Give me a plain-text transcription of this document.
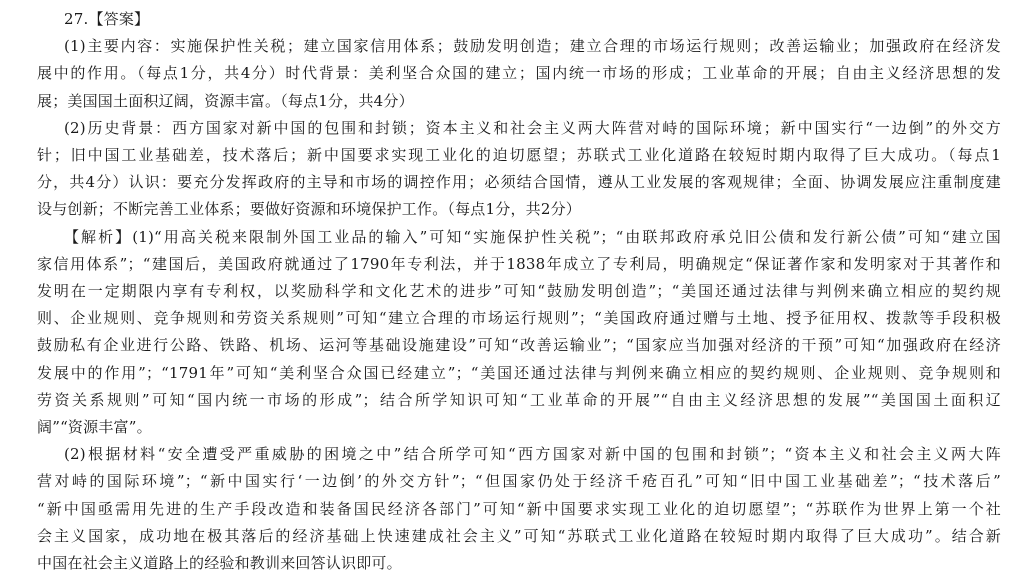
27.【答案】
(1)主要内容：实施保护性关税；建立国家信用体系；鼓励发明创造；建立合理的市场运行规则；改善运输业；加强政府在经济发
展中的作用。（每点1分，共4分）时代背景：美利坚合众国的建立；国内统一市场的形成；工业革命的开展；自由主义经济思想的发
展；美国国土面积辽阔，资源丰富。（每点1分，共4分）
(2)历史背景：西方国家对新中国的包围和封锁；资本主义和社会主义两大阵营对峙的国际环境；新中国实行“一边倒”的外交方
针；旧中国工业基础差，技术落后；新中国要求实现工业化的迫切愿望；苏联式工业化道路在较短时期内取得了巨大成功。（每点1
分，共4分）认识：要充分发挥政府的主导和市场的调控作用；必须结合国情，遵从工业发展的客观规律；全面、协调发展应注重制度建
设与创新；不断完善工业体系；要做好资源和环境保护工作。（每点1分，共2分）
【解析】(1)“用高关税来限制外国工业品的输入”可知“实施保护性关税”；“由联邦政府承兑旧公债和发行新公债”可知“建立国
家信用体系”；“建国后，美国政府就通过了1790年专利法，并于1838年成立了专利局，明确规定“保证著作家和发明家对于其著作和
发明在一定期限内享有专利权，以奖励科学和文化艺术的进步”可知“鼓励发明创造”；“美国还通过法律与判例来确立相应的契约规
则、企业规则、竞争规则和劳资关系规则”可知“建立合理的市场运行规则”；“美国政府通过赠与土地、授予征用权、拨款等手段积极
鼓励私有企业进行公路、铁路、机场、运河等基础设施建设”可知“改善运输业”；“国家应当加强对经济的干预”可知“加强政府在经济
发展中的作用”；“1791年”可知“美利坚合众国已经建立”；“美国还通过法律与判例来确立相应的契约规则、企业规则、竞争规则和
劳资关系规则”可知“国内统一市场的形成”；结合所学知识可知“工业革命的开展”“自由主义经济思想的发展”“美国国土面积辽
阔”“资源丰富”。
(2)根据材料“安全遭受严重威胁的困境之中”结合所学可知“西方国家对新中国的包围和封锁”；“资本主义和社会主义两大阵
营对峙的国际环境”；“新中国实行‘一边倒’的外交方针”；“但国家仍处于经济千疮百孔”可知“旧中国工业基础差”；“技术落后”
“新中国亟需用先进的生产手段改造和装备国民经济各部门”可知“新中国要求实现工业化的迫切愿望”；“苏联作为世界上第一个社
会主义国家，成功地在极其落后的经济基础上快速建成社会主义”可知“苏联式工业化道路在较短时期内取得了巨大成功”。结合新
中国在社会主义道路上的经验和教训来回答认识即可。
